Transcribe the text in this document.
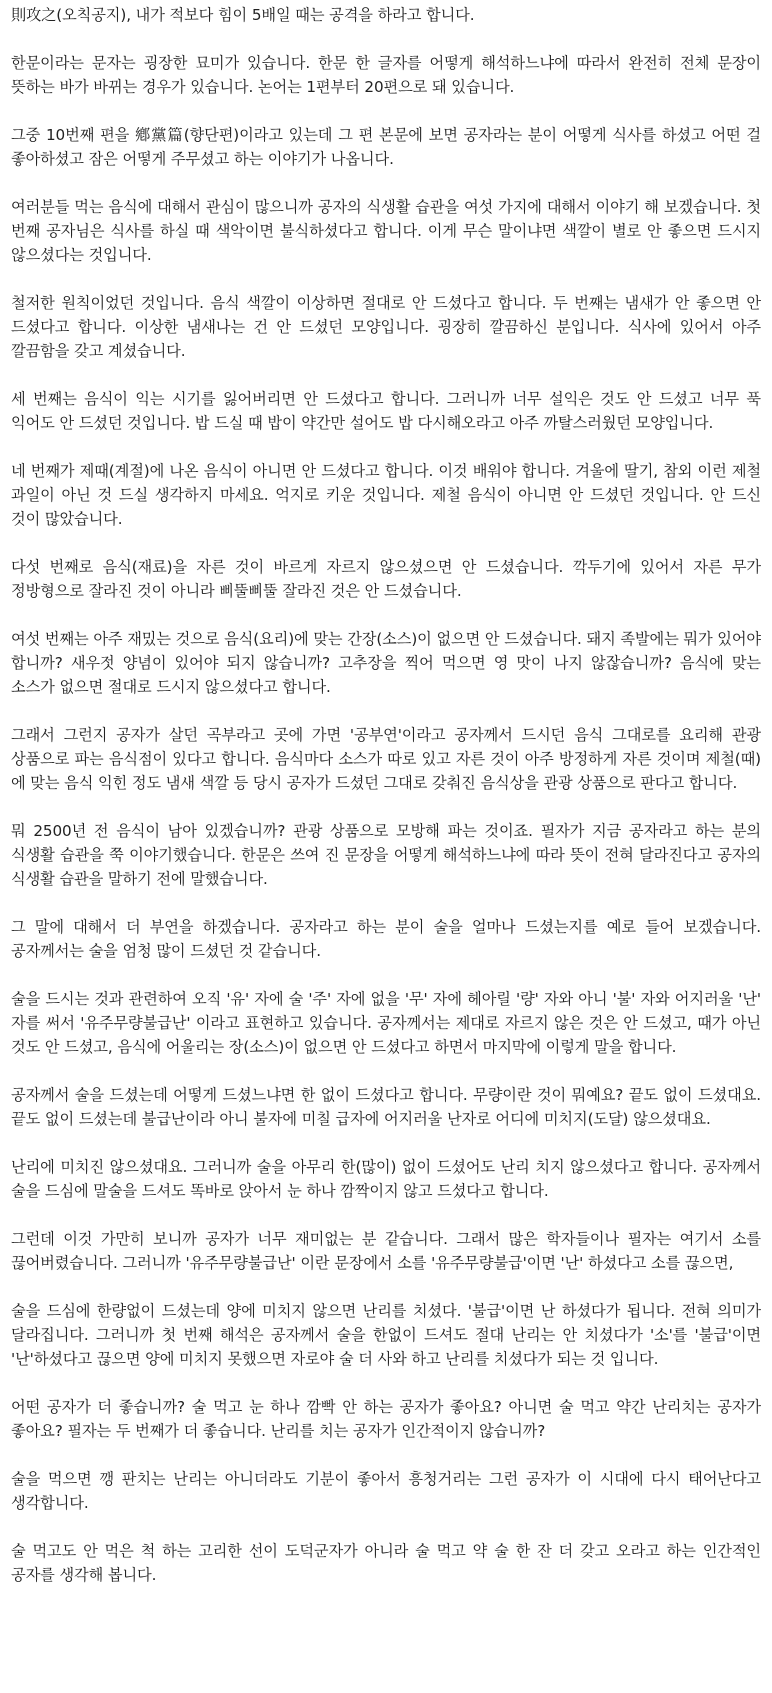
則攻之(오칙공지), 내가 적보다 힘이 5배일 때는 공격을 하라고 합니다.

한문이라는 문자는 굉장한 묘미가 있습니다. 한문 한 글자를 어떻게 해석하느냐에 따라서 완전히 전체 문장이 뜻하는 바가 바뀌는 경우가 있습니다. 논어는 1편부터 20편으로 돼 있습니다.

그중 10번째 편을 鄕黨篇(향단편)이라고 있는데 그 편 본문에 보면 공자라는 분이 어떻게 식사를 하셨고 어떤 걸 좋아하셨고 잠은 어떻게 주무셨고 하는 이야기가 나옵니다.

여러분들 먹는 음식에 대해서 관심이 많으니까 공자의 식생활 습관을 여섯 가지에 대해서 이야기 해 보겠습니다. 첫 번째 공자님은 식사를 하실 때 색악이면 불식하셨다고 합니다. 이게 무슨 말이냐면 색깔이 별로 안 좋으면 드시지 않으셨다는 것입니다.

철저한 원칙이었던 것입니다. 음식 색깔이 이상하면 절대로 안 드셨다고 합니다. 두 번째는 냄새가 안 좋으면 안 드셨다고 합니다. 이상한 냄새나는 건 안 드셨던 모양입니다. 굉장히 깔끔하신 분입니다. 식사에 있어서 아주 깔끔함을 갖고 계셨습니다.

세 번째는 음식이 익는 시기를 잃어버리면 안 드셨다고 합니다. 그러니까 너무 설익은 것도 안 드셨고 너무 푹 익어도 안 드셨던 것입니다. 밥 드실 때 밥이 약간만 설어도 밥 다시해오라고 아주 까탈스러웠던 모양입니다.

네 번째가 제때(계절)에 나온 음식이 아니면 안 드셨다고 합니다. 이것 배워야 합니다. 겨울에 딸기, 참외 이런 제철 과일이 아닌 것 드실 생각하지 마세요. 억지로 키운 것입니다. 제철 음식이 아니면 안 드셨던 것입니다. 안 드신 것이 많았습니다.

다섯 번째로 음식(재료)을 자른 것이 바르게 자르지 않으셨으면 안 드셨습니다. 깍두기에 있어서 자른 무가 정방형으로 잘라진 것이 아니라 삐뚤삐뚤 잘라진 것은 안 드셨습니다.

여섯 번째는 아주 재밌는 것으로 음식(요리)에 맞는 간장(소스)이 없으면 안 드셨습니다. 돼지 족발에는 뭐가 있어야 합니까? 새우젓 양념이 있어야 되지 않습니까? 고추장을 찍어 먹으면 영 맛이 나지 않잖습니까? 음식에 맞는 소스가 없으면 절대로 드시지 않으셨다고 합니다.

그래서 그런지 공자가 살던 곡부라고 곳에 가면 '공부연'이라고 공자께서 드시던 음식 그대로를 요리해 관광 상품으로 파는 음식점이 있다고 합니다. 음식마다 소스가 따로 있고 자른 것이 아주 방정하게 자른 것이며 제철(때)에 맞는 음식 익힌 정도 냄새 색깔 등 당시 공자가 드셨던 그대로 갖춰진 음식상을 관광 상품으로 판다고 합니다.

뭐 2500년 전 음식이 남아 있겠습니까? 관광 상품으로 모방해 파는 것이죠. 필자가 지금 공자라고 하는 분의 식생활 습관을 쭉 이야기했습니다. 한문은 쓰여 진 문장을 어떻게 해석하느냐에 따라 뜻이 전혀 달라진다고 공자의 식생활 습관을 말하기 전에 말했습니다.

그 말에 대해서 더 부연을 하겠습니다. 공자라고 하는 분이 술을 얼마나 드셨는지를 예로 들어 보겠습니다. 공자께서는 술을 엄청 많이 드셨던 것 같습니다.

술을 드시는 것과 관련하여 오직 '유' 자에 술 '주' 자에 없을 '무' 자에 헤아릴 '량' 자와 아니 '불' 자와 어지러울 '난' 자를 써서 '유주무량불급난' 이라고 표현하고 있습니다. 공자께서는 제대로 자르지 않은 것은 안 드셨고, 때가 아닌 것도 안 드셨고, 음식에 어울리는 장(소스)이 없으면 안 드셨다고 하면서 마지막에 이렇게 말을 합니다.

공자께서 술을 드셨는데 어떻게 드셨느냐면 한 없이 드셨다고 합니다. 무량이란 것이 뭐예요? 끝도 없이 드셨대요. 끝도 없이 드셨는데 불급난이라 아니 불자에 미칠 급자에 어지러울 난자로 어디에 미치지(도달) 않으셨대요.

난리에 미치진 않으셨대요. 그러니까 술을 아무리 한(많이) 없이 드셨어도 난리 치지 않으셨다고 합니다. 공자께서 술을 드심에 말술을 드셔도 똑바로 앉아서 눈 하나 깜짝이지 않고 드셨다고 합니다.

그런데 이것 가만히 보니까 공자가 너무 재미없는 분 같습니다. 그래서 많은 학자들이나 필자는 여기서 소를 끊어버렸습니다. 그러니까 '유주무량불급난' 이란 문장에서 소를 '유주무량불급'이면 '난' 하셨다고 소를 끊으면,

술을 드심에 한량없이 드셨는데 양에 미치지 않으면 난리를 치셨다. '불급'이면 난 하셨다가 됩니다. 전혀 의미가 달라집니다. 그러니까 첫 번째 해석은 공자께서 술을 한없이 드셔도 절대 난리는 안 치셨다가 '소'를 '불급'이면 '난'하셨다고 끊으면 양에 미치지 못했으면 자로야 술 더 사와 하고 난리를 치셨다가 되는 것 입니다.

어떤 공자가 더 좋습니까? 술 먹고 눈 하나 깜빡 안 하는 공자가 좋아요? 아니면 술 먹고 약간 난리치는 공자가 좋아요? 필자는 두 번째가 더 좋습니다. 난리를 치는 공자가 인간적이지 않습니까?

술을 먹으면 깽 판치는 난리는 아니더라도 기분이 좋아서 흥청거리는 그런 공자가 이 시대에 다시 태어난다고 생각합니다.

술 먹고도 안 먹은 척 하는 고리한 선이 도덕군자가 아니라 술 먹고 약 술 한 잔 더 갖고 오라고 하는 인간적인 공자를 생각해 봅니다.
